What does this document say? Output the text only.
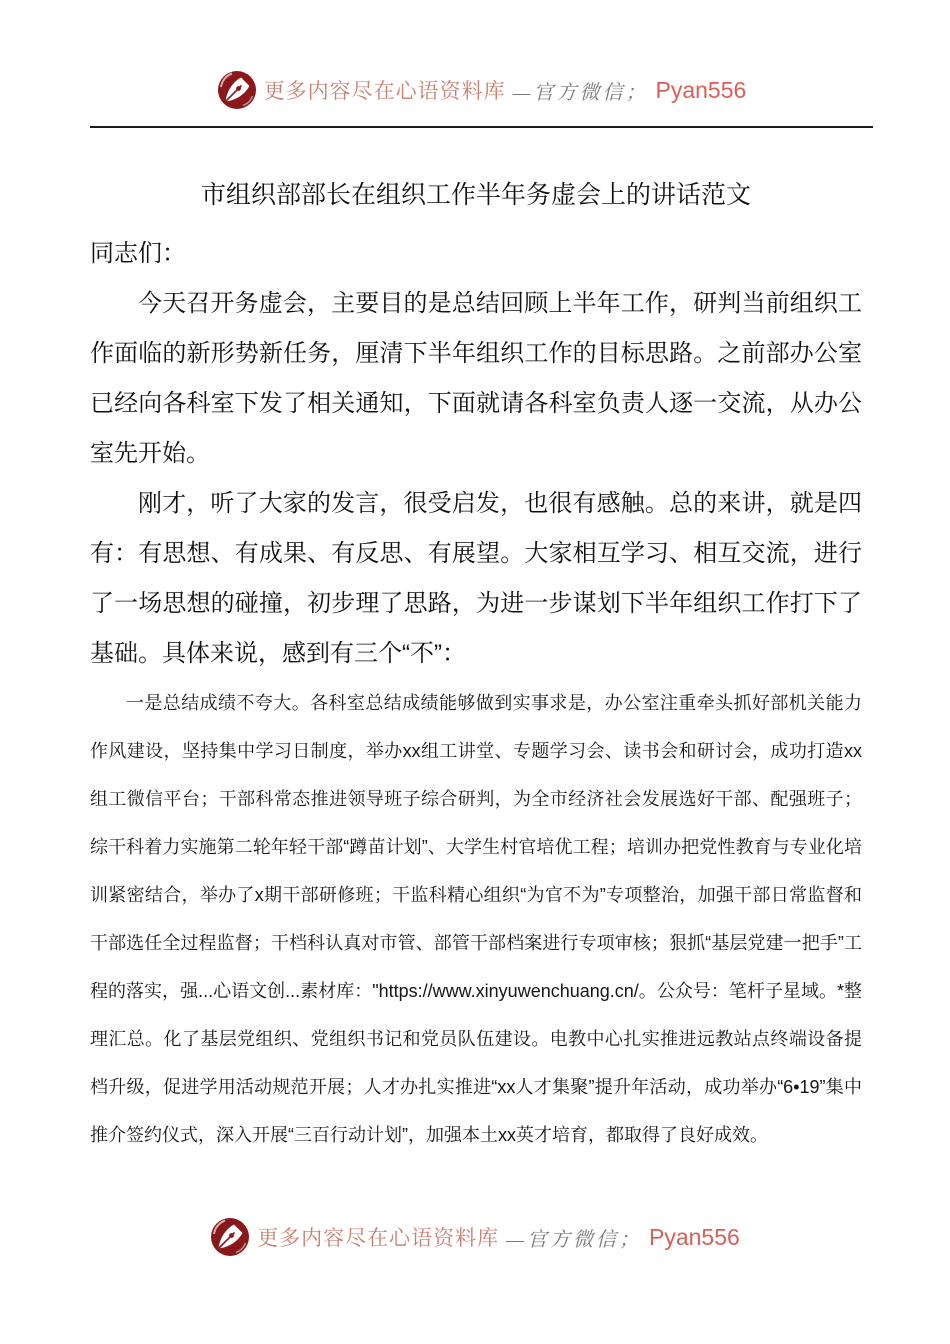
更多内容尽在心语资料库 —官方微信； Pyan556
市组织部部长在组织工作半年务虚会上的讲话范文

同志们：

今天召开务虚会，主要目的是总结回顾上半年工作，研判当前组织工作面临的新形势新任务，厘清下半年组织工作的目标思路。之前部办公室已经向各科室下发了相关通知，下面就请各科室负责人逐一交流，从办公室先开始。

刚才，听了大家的发言，很受启发，也很有感触。总的来讲，就是四有：有思想、有成果、有反思、有展望。大家相互学习、相互交流，进行了一场思想的碰撞，初步理了思路，为进一步谋划下半年组织工作打下了基础。具体来说，感到有三个“不”：

一是总结成绩不夸大。各科室总结成绩能够做到实事求是，办公室注重牵头抓好部机关能力作风建设，坚持集中学习日制度，举办xx组工讲堂、专题学习会、读书会和研讨会，成功打造xx组工微信平台；干部科常态推进领导班子综合研判，为全市经济社会发展选好干部、配强班子；综干科着力实施第二轮年轻干部“蹲苗计划”、大学生村官培优工程；培训办把党性教育与专业化培训紧密结合，举办了x期干部研修班；干监科精心组织“为官不为”专项整治，加强干部日常监督和干部选任全过程监督；干档科认真对市管、部管干部档案进行专项审核；狠抓“基层党建一把手”工程的落实，强...心语文创...素材库："https://www.xinyuwenchuang.cn/。公众号：笔杆子星域。*整理汇总。化了基层党组织、党组织书记和党员队伍建设。电教中心扎实推进远教站点终端设备提档升级，促进学用活动规范开展；人才办扎实推进“xx人才集聚”提升年活动，成功举办“6•19”集中推介签约仪式，深入开展“三百行动计划”，加强本土xx英才培育，都取得了良好成效。

更多内容尽在心语资料库 —官方微信； Pyan556
